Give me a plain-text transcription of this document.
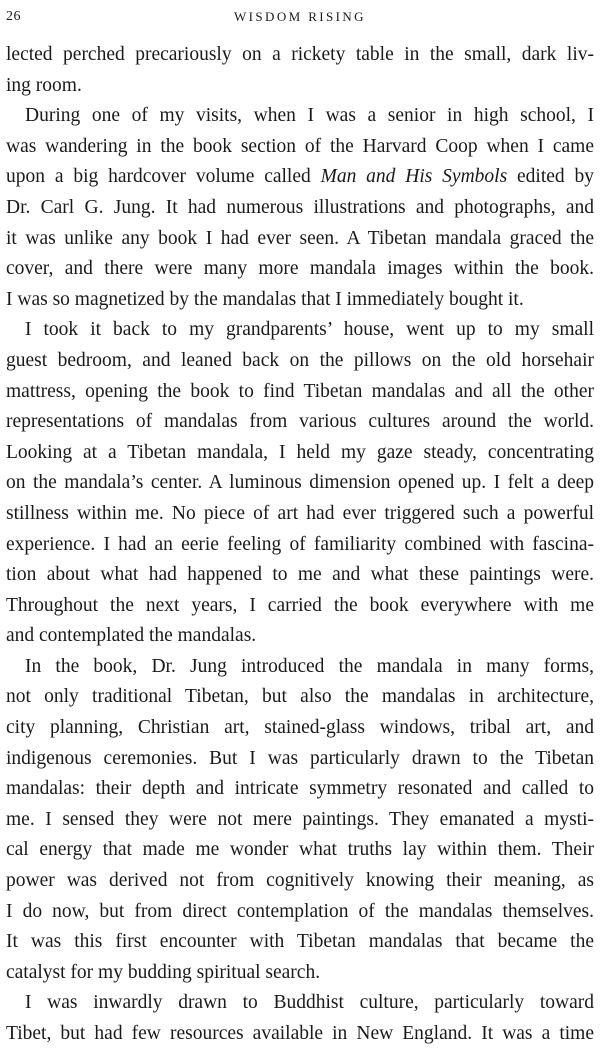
26	WISDOM RISING
lected perched precariously on a rickety table in the small, dark liv-
ing room.
During one of my visits, when I was a senior in high school, I
was wandering in the book section of the Harvard Coop when I came
upon a big hardcover volume called Man and His Symbols edited by
Dr. Carl G. Jung. It had numerous illustrations and photographs, and
it was unlike any book I had ever seen. A Tibetan mandala graced the
cover, and there were many more mandala images within the book.
I was so magnetized by the mandalas that I immediately bought it.
I took it back to my grandparents’ house, went up to my small
guest bedroom, and leaned back on the pillows on the old horsehair
mattress, opening the book to find Tibetan mandalas and all the other
representations of mandalas from various cultures around the world.
Looking at a Tibetan mandala, I held my gaze steady, concentrating
on the mandala’s center. A luminous dimension opened up. I felt a deep
stillness within me. No piece of art had ever triggered such a powerful
experience. I had an eerie feeling of familiarity combined with fascina-
tion about what had happened to me and what these paintings were.
Throughout the next years, I carried the book everywhere with me
and contemplated the mandalas.
In the book, Dr. Jung introduced the mandala in many forms,
not only traditional Tibetan, but also the mandalas in architecture,
city planning, Christian art, stained-glass windows, tribal art, and
indigenous ceremonies. But I was particularly drawn to the Tibetan
mandalas: their depth and intricate symmetry resonated and called to
me. I sensed they were not mere paintings. They emanated a mysti-
cal energy that made me wonder what truths lay within them. Their
power was derived not from cognitively knowing their meaning, as
I do now, but from direct contemplation of the mandalas themselves.
It was this first encounter with Tibetan mandalas that became the
catalyst for my budding spiritual search.
I was inwardly drawn to Buddhist culture, particularly toward
Tibet, but had few resources available in New England. It was a time
